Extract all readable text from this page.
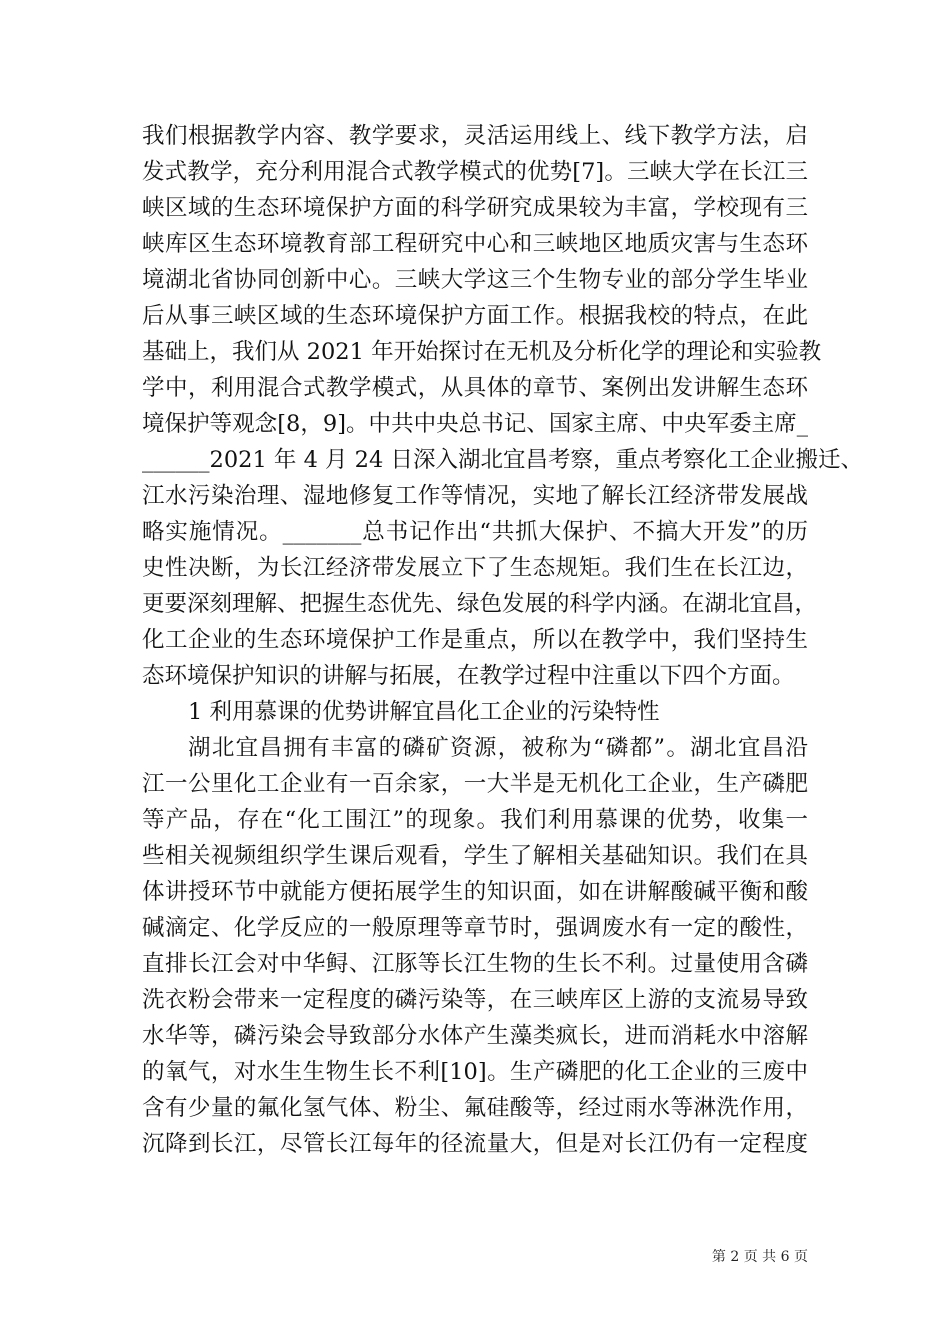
我们根据教学内容、教学要求，灵活运用线上、线下教学方法，启
发式教学，充分利用混合式教学模式的优势[7]。三峡大学在长江三
峡区域的生态环境保护方面的科学研究成果较为丰富，学校现有三
峡库区生态环境教育部工程研究中心和三峡地区地质灾害与生态环
境湖北省协同创新中心。三峡大学这三个生物专业的部分学生毕业
后从事三峡区域的生态环境保护方面工作。根据我校的特点，在此
基础上，我们从 2021 年开始探讨在无机及分析化学的理论和实验教
学中，利用混合式教学模式，从具体的章节、案例出发讲解生态环
境保护等观念[8，9]。中共中央总书记、国家主席、中央军委主席_
______2021 年 4 月 24 日深入湖北宜昌考察，重点考察化工企业搬迁、
江水污染治理、湿地修复工作等情况，实地了解长江经济带发展战
略实施情况。_______总书记作出“共抓大保护、不搞大开发”的历
史性决断，为长江经济带发展立下了生态规矩。我们生在长江边，
更要深刻理解、把握生态优先、绿色发展的科学内涵。在湖北宜昌，
化工企业的生态环境保护工作是重点，所以在教学中，我们坚持生
态环境保护知识的讲解与拓展，在教学过程中注重以下四个方面。
1 利用慕课的优势讲解宜昌化工企业的污染特性
湖北宜昌拥有丰富的磷矿资源，被称为“磷都”。湖北宜昌沿
江一公里化工企业有一百余家，一大半是无机化工企业，生产磷肥
等产品，存在“化工围江”的现象。我们利用慕课的优势，收集一
些相关视频组织学生课后观看，学生了解相关基础知识。我们在具
体讲授环节中就能方便拓展学生的知识面，如在讲解酸碱平衡和酸
碱滴定、化学反应的一般原理等章节时，强调废水有一定的酸性，
直排长江会对中华鲟、江豚等长江生物的生长不利。过量使用含磷
洗衣粉会带来一定程度的磷污染等，在三峡库区上游的支流易导致
水华等，磷污染会导致部分水体产生藻类疯长，进而消耗水中溶解
的氧气，对水生生物生长不利[10]。生产磷肥的化工企业的三废中
含有少量的氟化氢气体、粉尘、氟硅酸等，经过雨水等淋洗作用，
沉降到长江，尽管长江每年的径流量大，但是对长江仍有一定程度
第 2 页 共 6 页
